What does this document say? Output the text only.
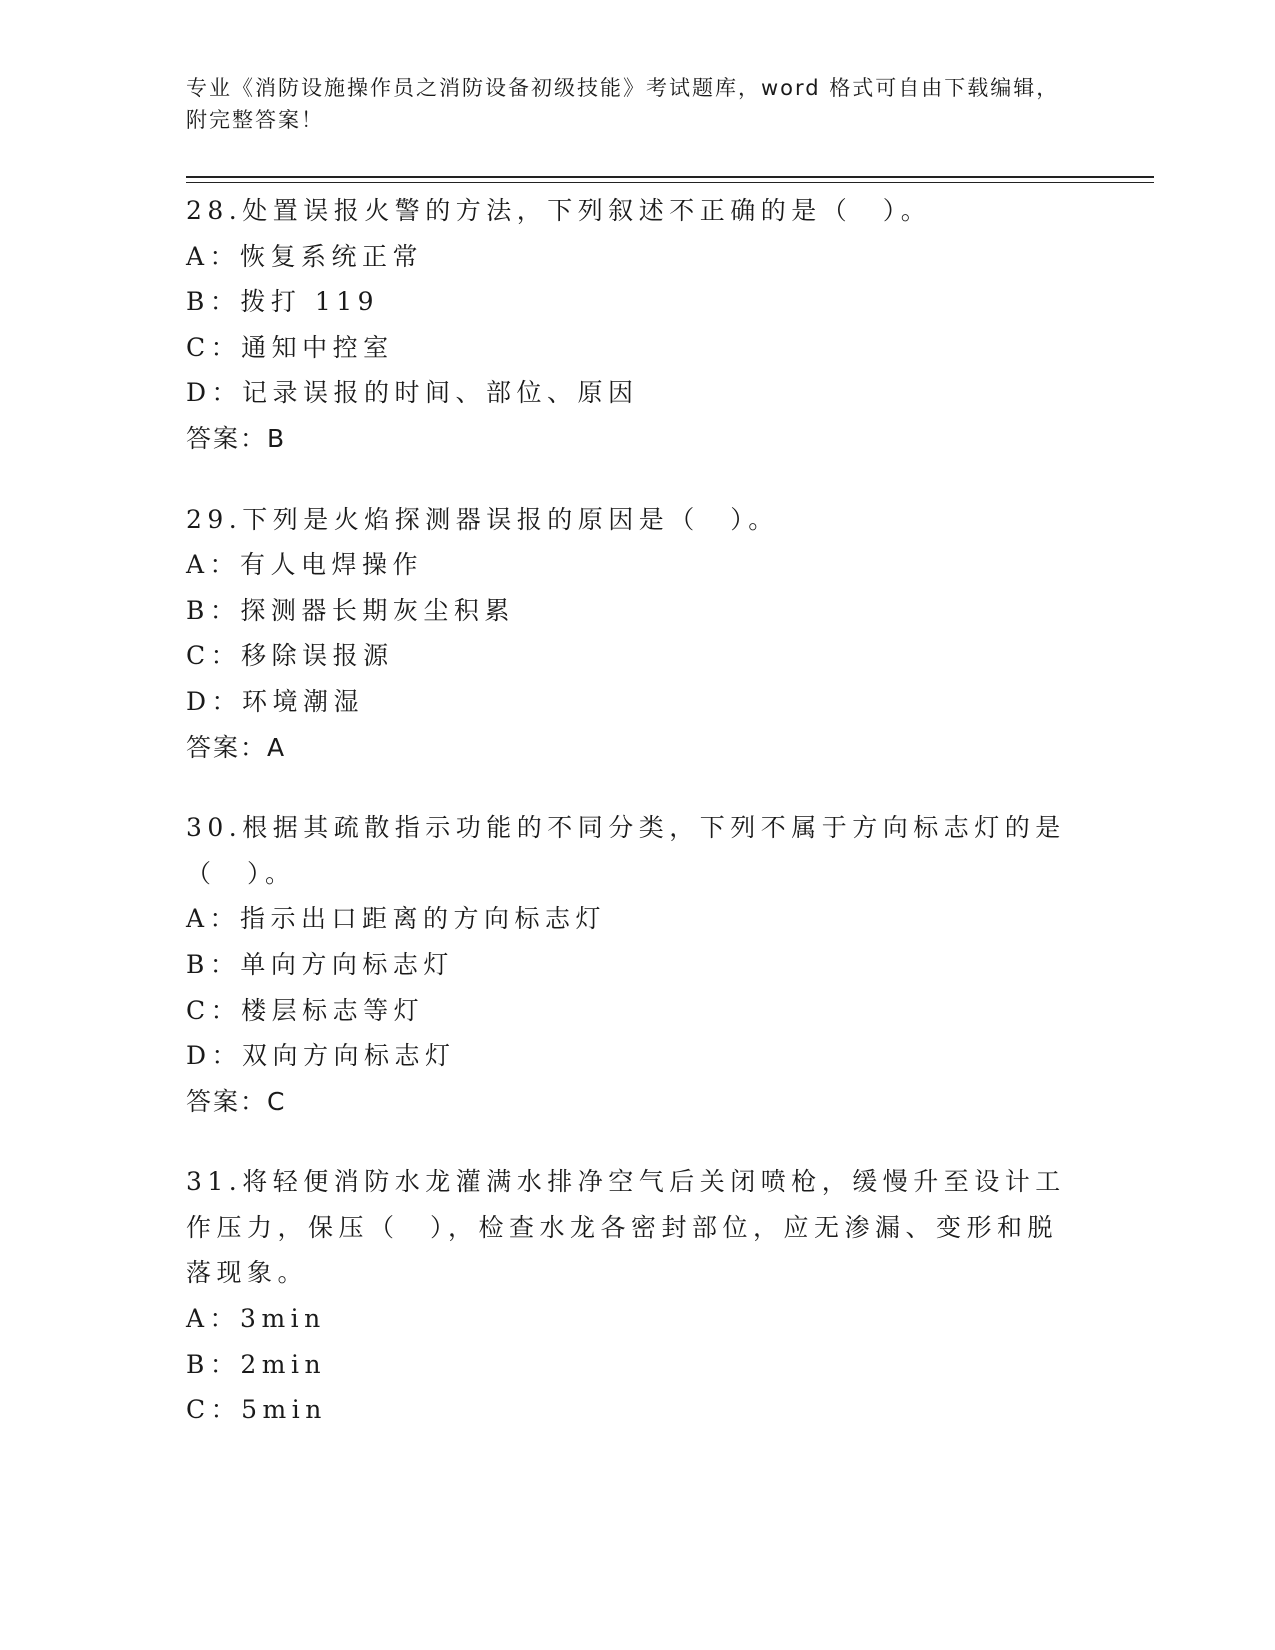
专业《消防设施操作员之消防设备初级技能》考试题库，word 格式可自由下载编辑，附完整答案！
28.处置误报火警的方法，下列叙述不正确的是（　）。
A：恢复系统正常
B：拨打 119
C：通知中控室
D：记录误报的时间、部位、原因
答案：B
29.下列是火焰探测器误报的原因是（　）。
A：有人电焊操作
B：探测器长期灰尘积累
C：移除误报源
D：环境潮湿
答案：A
30.根据其疏散指示功能的不同分类，下列不属于方向标志灯的是（　）。
A：指示出口距离的方向标志灯
B：单向方向标志灯
C：楼层标志等灯
D：双向方向标志灯
答案：C
31.将轻便消防水龙灌满水排净空气后关闭喷枪，缓慢升至设计工作压力，保压（　），检查水龙各密封部位，应无渗漏、变形和脱落现象。
A：3min
B：2min
C：5min
